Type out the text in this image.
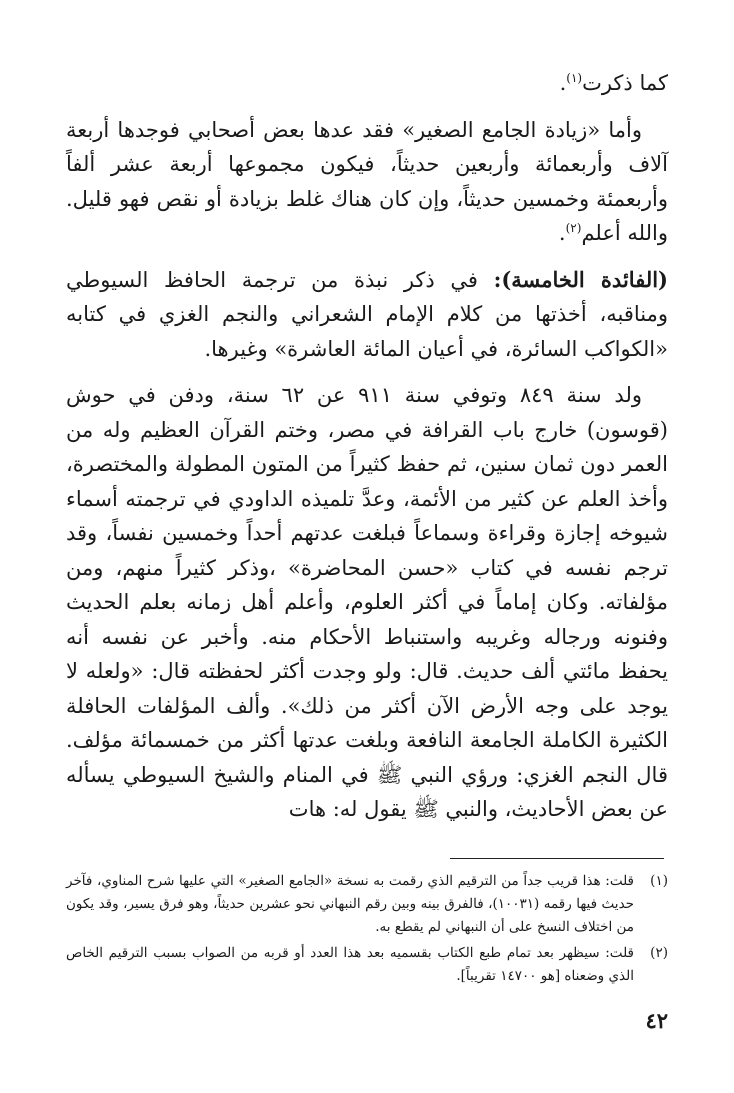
كما ذكرت$^{(١)}$.

وأما «زيادة الجامع الصغير» فقد عدها بعض أصحابي فوجدها أربعة آلاف وأربعمائة وأربعين حديثاً، فيكون مجموعها أربعة عشر ألفاً وأربعمئة وخمسين حديثاً، وإن كان هناك غلط بزيادة أو نقص فهو قليل. والله أعلم$^{(٢)}$.

(الفائدة الخامسة): في ذكر نبذة من ترجمة الحافظ السيوطي ومناقبه، أخذتها من كلام الإمام الشعراني والنجم الغزي في كتابه «الكواكب السائرة، في أعيان المائة العاشرة» وغيرها.

ولد سنة ٨٤٩ وتوفي سنة ٩١١ عن ٦٢ سنة، ودفن في حوش (قوسون) خارج باب القرافة في مصر، وختم القرآن العظيم وله من العمر دون ثمان سنين، ثم حفظ كثيراً من المتون المطولة والمختصرة، وأخذ العلم عن كثير من الأئمة، وعدَّ تلميذه الداودي في ترجمته أسماء شيوخه إجازة وقراءة وسماعاً فبلغت عدتهم أحداً وخمسين نفساً، وقد ترجم نفسه في كتاب «حسن المحاضرة» ،وذكر كثيراً منهم، ومن مؤلفاته. وكان إماماً في أكثر العلوم، وأعلم أهل زمانه بعلم الحديث وفنونه ورجاله وغريبه واستنباط الأحكام منه. وأخبر عن نفسه أنه يحفظ مائتي ألف حديث. قال: ولو وجدت أكثر لحفظته قال: «ولعله لا يوجد على وجه الأرض الآن أكثر من ذلك». وألف المؤلفات الحافلة الكثيرة الكاملة الجامعة النافعة وبلغت عدتها أكثر من خمسمائة مؤلف. قال النجم الغزي: ورؤي النبي ﷺ في المنام والشيخ السيوطي يسأله عن بعض الأحاديث، والنبي ﷺ يقول له: هات

(١)
قلت: هذا قريب جداً من الترقيم الذي رقمت به نسخة «الجامع الصغير» التي عليها شرح المناوي، فآخر حديث فيها رقمه (١٠٠٣١)، فالفرق بينه وبين رقم النبهاني نحو عشرين حديثاً، وهو فرق يسير، وقد يكون من اختلاف النسخ على أن النبهاني لم يقطع به.
(٢)
قلت: سيظهر بعد تمام طبع الكتاب بقسميه بعد هذا العدد أو قربه من الصواب بسبب الترقيم الخاص الذي وضعناه [هو ١٤٧٠٠ تقريباً].
٤٢
